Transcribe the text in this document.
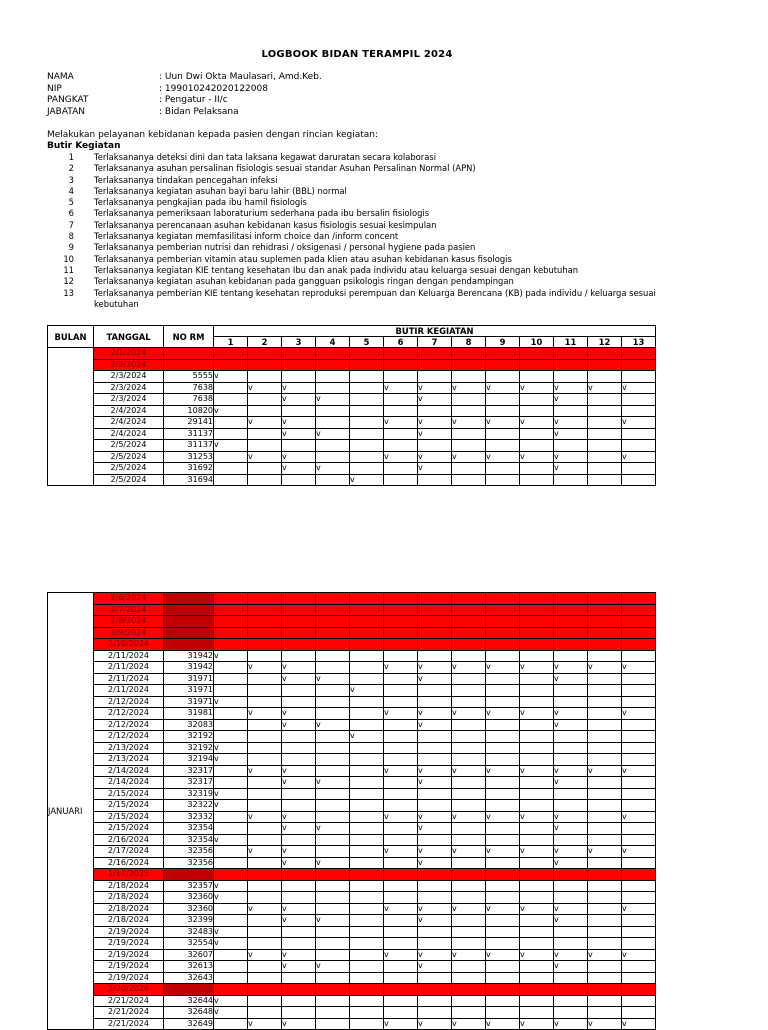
LOGBOOK BIDAN TERAMPIL 2024
NAMA	: Uun Dwi Okta Maulasari, Amd.Keb.
NIP	: 199010242020122008
PANGKAT	: Pengatur - II/c
JABATAN	: Bidan Pelaksana
Melakukan pelayanan kebidanan kepada pasien dengan rincian kegiatan:
Butir Kegiatan
1 Terlaksananya deteksi dini dan tata laksana kegawat daruratan secara kolaborasi
2 Terlaksananya asuhan persalinan fisiologis sesuai standar Asuhan Persalinan Normal (APN)
3 Terlaksananya tindakan pencegahan infeksi
4 Terlaksananya kegiatan asuhan bayi baru lahir (BBL) normal
5 Terlaksananya pengkajian pada ibu hamil fisiologis
6 Terlaksananya pemeriksaan laboraturium sederhana pada ibu bersalin fisiologis
7 Terlaksananya perencanaan asuhan kebidanan kasus fisiologis sesuai kesimpulan
8 Terlaksananya kegiatan memfasilitasi inform choice dan /inform concent
9 Terlaksananya pemberian nutrisi dan rehidrasi / oksigenasi / personal hygiene pada pasien
10 Terlaksananya pemberian vitamin atau suplemen pada klien atau asuhan kebidanan kasus fisologis
11 Terlaksananya kegiatan KIE tentang kesehatan Ibu dan anak pada individu atau keluarga sesuai dengan kebutuhan
12 Terlaksananya kegiatan asuhan kebidanan pada gangguan psikologis ringan dengan pendampingan
13 Terlaksananya pemberian KIE tentang kesehatan reproduksi perempuan dan Keluarga Berencana (KB) pada individu / keluarga sesuai kebutuhan
BULAN	TANGGAL	NO RM	BUTIR KEGIATAN												
			1	2	3	4	5	6	7	8	9	10	11	12	13
	2/1/2024														
	2/2/2024														
	2/3/2024	5555	v												
	2/3/2024	7638		v	v			v	v	v	v	v	v	v	v
	2/3/2024	7638			v	v			v				v		
	2/4/2024	10820	v												
	2/4/2024	29141		v	v			v	v	v	v	v	v		v
	2/4/2024	31137			v	v			v				v		
	2/5/2024	31137	v												
	2/5/2024	31253		v	v			v	v	v	v	v	v		v
	2/5/2024	31692			v	v			v				v		
	2/5/2024	31694					v								
JANUARI	2/6/2024														
	2/7/2024														
	2/8/2024														
	2/9/2024														
	2/10/2024														
	2/11/2024	31942	v												
	2/11/2024	31942		v	v			v	v	v	v	v	v	v	v
	2/11/2024	31971			v	v			v				v		
	2/11/2024	31971					v								
	2/12/2024	31971	v												
	2/12/2024	31981		v	v			v	v	v	v	v	v		v
	2/12/2024	32083			v	v			v				v		
	2/12/2024	32192					v								
	2/13/2024	32192	v												
	2/13/2024	32194	v												
	2/14/2024	32317		v	v			v	v	v	v	v	v	v	v
	2/14/2024	32317			v	v			v				v		
	2/15/2024	32319	v												
	2/15/2024	32322	v												
	2/15/2024	32332		v	v			v	v	v	v	v	v		v
	2/15/2024	32354			v	v			v				v		
	2/16/2024	32354	v												
	2/17/2024	32356		v	v			v	v	v	v	v	v	v	v
	2/16/2024	32356			v	v			v				v		
	1/17/2025														
	2/18/2024	32357	v												
	2/18/2024	32360	v												
	2/18/2024	32360		v	v			v	v	v	v	v	v		v
	2/18/2024	32399			v	v			v				v		
	2/19/2024	32483	v												
	2/19/2024	32554	v												
	2/19/2024	32607		v	v			v	v	v	v	v	v	v	v
	2/19/2024	32613			v	v			v				v		
	2/19/2024	32643													
	2/20/2024														
	2/21/2024	32644	v												
	2/21/2024	32648	v												
	2/21/2024	32649		v	v			v	v	v	v	v	v	v	v
